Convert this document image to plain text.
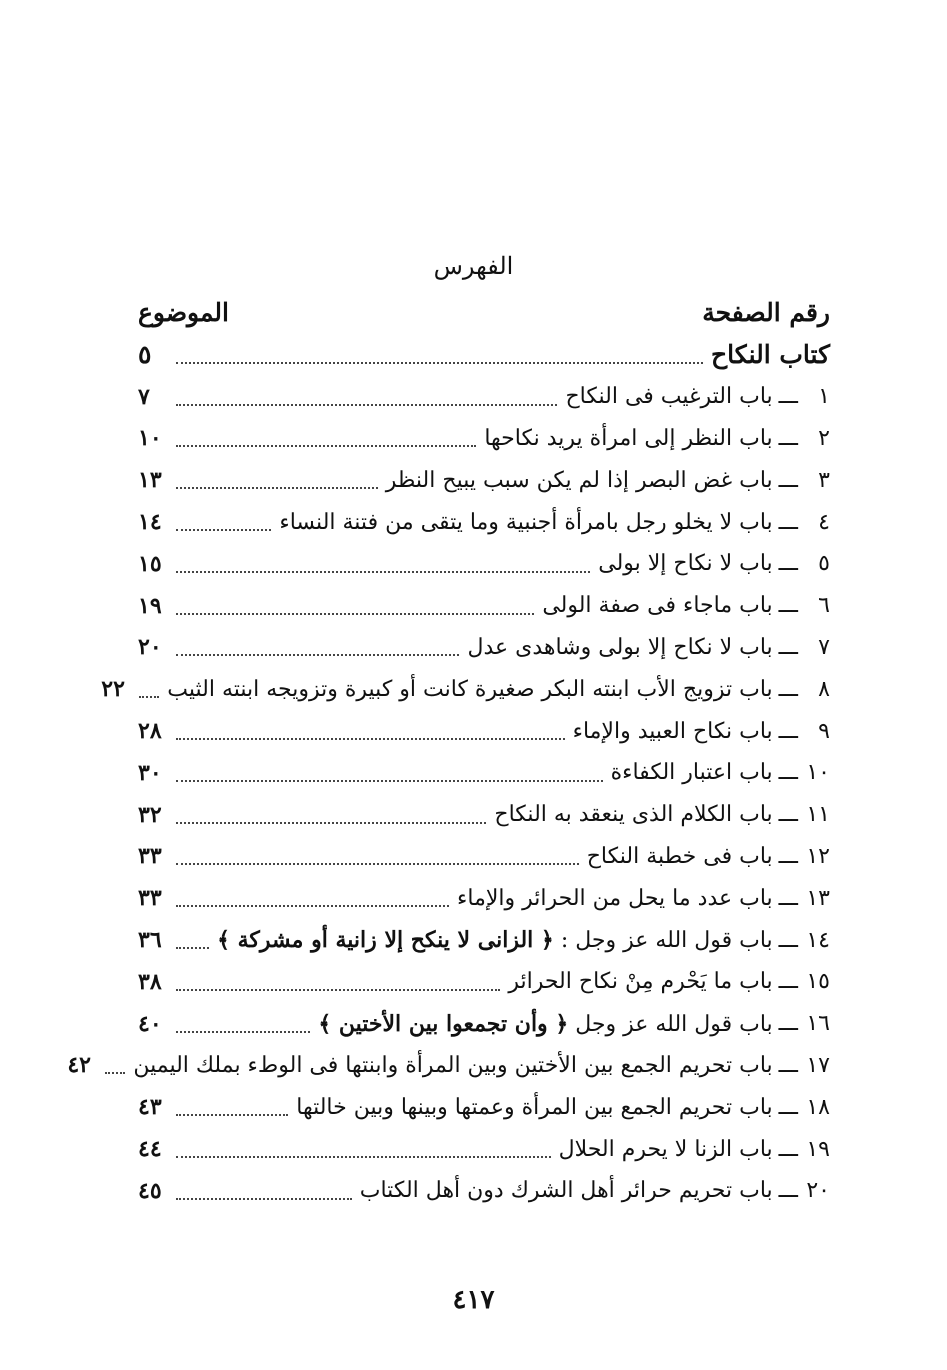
الفهرس
الموضوع	رقم الصفحة
كتاب النكاح
٥
١
ـــ
باب الترغيب فى النكاح
٧
٢
ـــ
باب النظر إلى امرأة يريد نكاحها
١٠
٣
ـــ
باب غض البصر إذا لم يكن سبب يبيح النظر
١٣
٤
ـــ
باب لا يخلو رجل بامرأة أجنبية وما يتقى من فتنة النساء
١٤
٥
ـــ
باب لا نكاح إلا بولى
١٥
٦
ـــ
باب ماجاء فى صفة الولى
١٩
٧
ـــ
باب لا نكاح إلا بولى وشاهدى عدل
٢٠
٨
ـــ
باب تزويج الأب ابنته البكر صغيرة كانت أو كبيرة وتزويجه ابنته الثيب
٢٢
٩
ـــ
باب نكاح العبيد والإماء
٢٨
١٠
ـــ
باب اعتبار الكفاءة
٣٠
١١
ـــ
باب الكلام الذى ينعقد به النكاح
٣٢
١٢
ـــ
باب فى خطبة النكاح
٣٣
١٣
ـــ
باب عدد ما يحل من الحرائر والإماء
٣٣
١٤
ـــ
باب قول الله عز وجل : ﴿ الزانى لا ينكح إلا زانية أو مشركة ﴾
٣٦
١٥
ـــ
باب ما يَحْرم مِنْ نكاح الحرائر
٣٨
١٦
ـــ
باب قول الله عز وجل ﴿ وأن تجمعوا بين الأختين ﴾
٤٠
١٧
ـــ
باب تحريم الجمع بين الأختين وبين المرأة وابنتها فى الوطء بملك اليمين
٤٢
١٨
ـــ
باب تحريم الجمع بين المرأة وعمتها وبينها وبين خالتها
٤٣
١٩
ـــ
باب الزنا لا يحرم الحلال
٤٤
٢٠
ـــ
باب تحريم حرائر أهل الشرك دون أهل الكتاب
٤٥
٤١٧
